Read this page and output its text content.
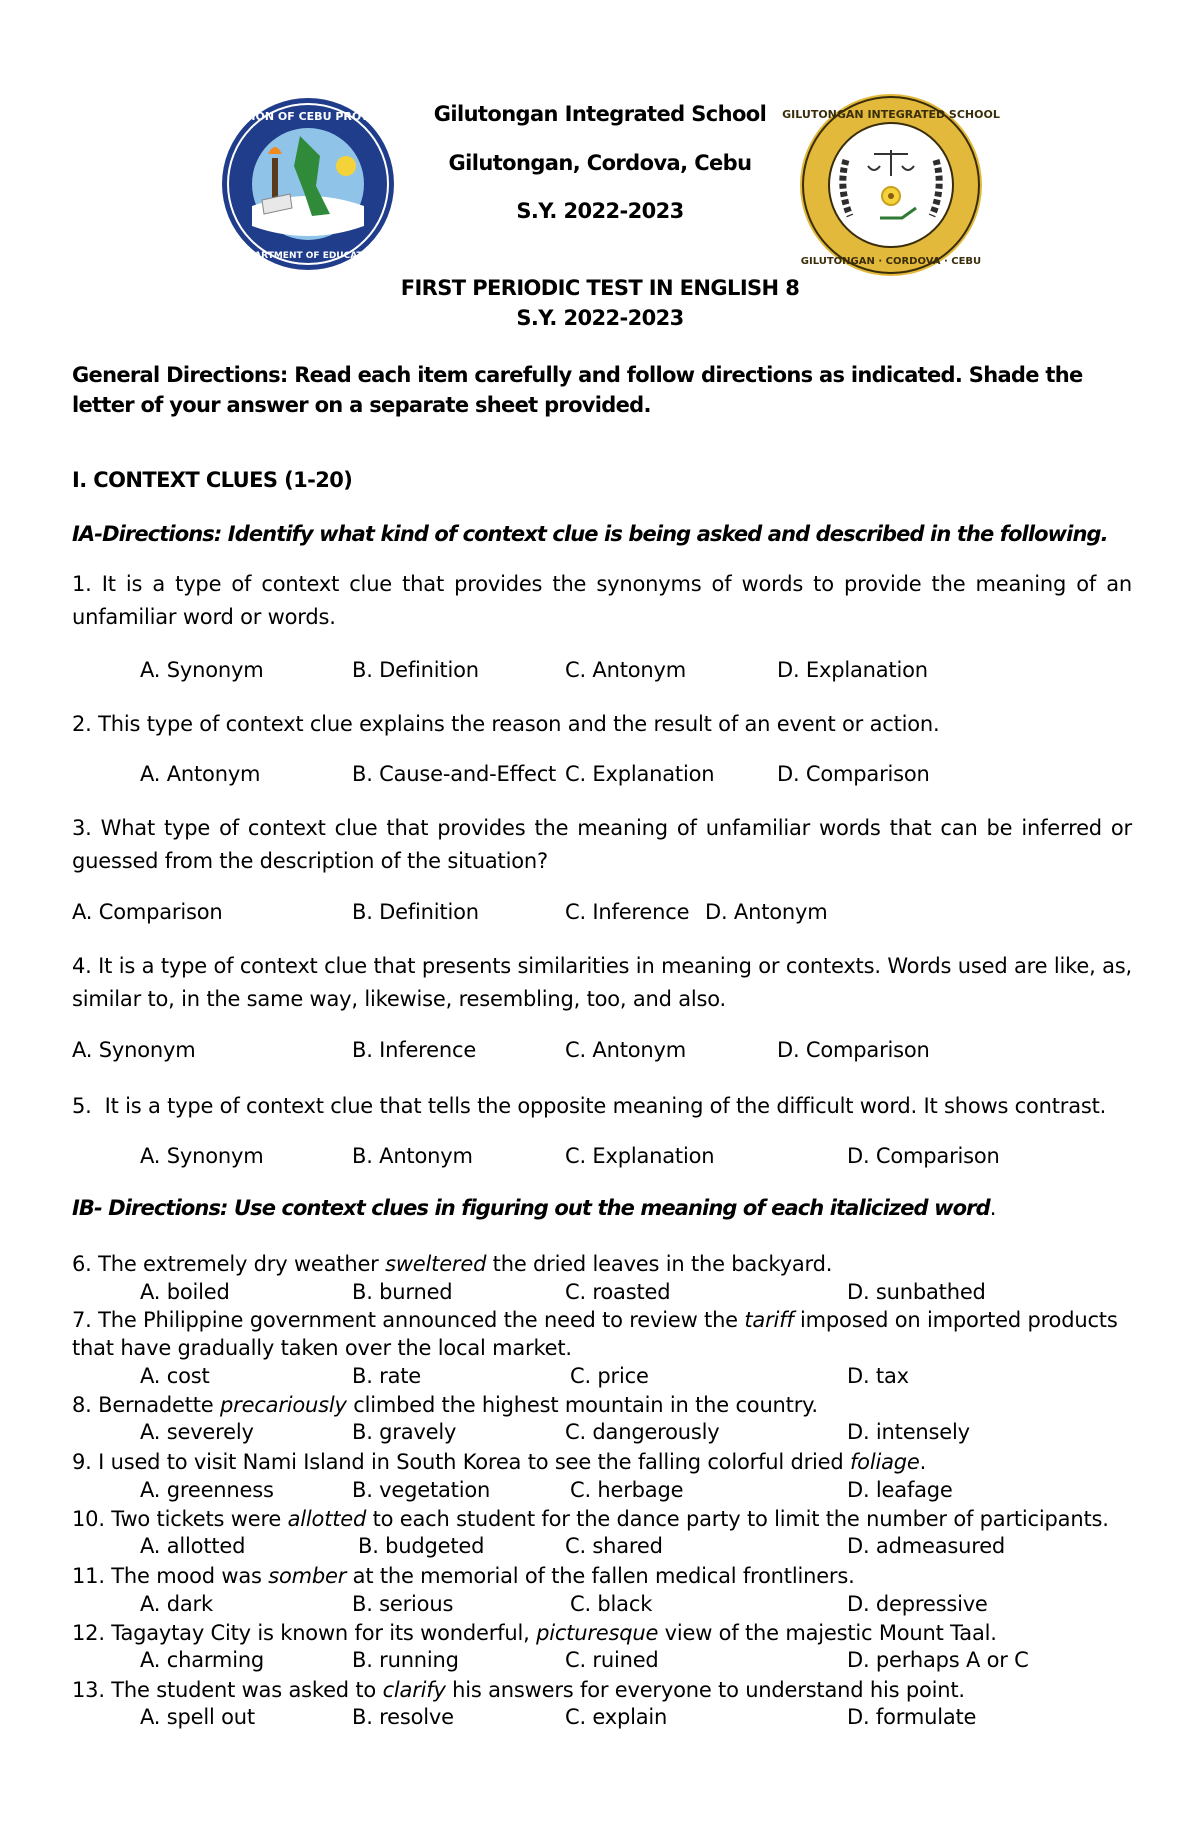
DIVISION OF CEBU PROVINCE
DEPARTMENT OF EDUCATION
GILUTONGAN INTEGRATED SCHOOL
GILUTONGAN · CORDOVA · CEBU
Gilutongan Integrated School
Gilutongan, Cordova, Cebu
S.Y. 2022-2023
FIRST PERIODIC TEST IN ENGLISH 8
S.Y. 2022-2023
General Directions: Read each item carefully and follow directions as indicated. Shade the letter of your answer on a separate sheet provided.
I. CONTEXT CLUES (1-20)
IA-Directions: Identify what kind of context clue is being asked and described in the following.
1. It is a type of context clue that provides the synonyms of words to provide the meaning of an unfamiliar word or words.
A. Synonym	B. Definition	C. Antonym	D. Explanation
2. This type of context clue explains the reason and the result of an event or action.
A. Antonym	B. Cause-and-Effect C. Explanation	D. Comparison
3. What type of context clue that provides the meaning of unfamiliar words that can be inferred or guessed from the description of the situation?
A. Comparison	B. Definition	C. Inference D. Antonym
4. It is a type of context clue that presents similarities in meaning or contexts. Words used are like, as, similar to, in the same way, likewise, resembling, too, and also.
A. Synonym	B. Inference	C. Antonym	D. Comparison
5. It is a type of context clue that tells the opposite meaning of the difficult word. It shows contrast.
A. Synonym	B. Antonym	C. Explanation	D. Comparison
IB- Directions: Use context clues in figuring out the meaning of each italicized word.
6. The extremely dry weather sweltered the dried leaves in the backyard.
A. boiled	B. burned	C. roasted	D. sunbathed
7. The Philippine government announced the need to review the tariff imposed on imported products that have gradually taken over the local market.
A. cost	B. rate	C. price	D. tax
8. Bernadette precariously climbed the highest mountain in the country.
A. severely	B. gravely	C. dangerously	D. intensely
9. I used to visit Nami Island in South Korea to see the falling colorful dried foliage.
A. greenness	B. vegetation	C. herbage	D. leafage
10. Two tickets were allotted to each student for the dance party to limit the number of participants.
A. allotted	B. budgeted	C. shared	D. admeasured
11. The mood was somber at the memorial of the fallen medical frontliners.
A. dark	B. serious	C. black	D. depressive
12. Tagaytay City is known for its wonderful, picturesque view of the majestic Mount Taal.
A. charming	B. running	C. ruined	D. perhaps A or C
13. The student was asked to clarify his answers for everyone to understand his point.
A. spell out	B. resolve	C. explain	D. formulate
